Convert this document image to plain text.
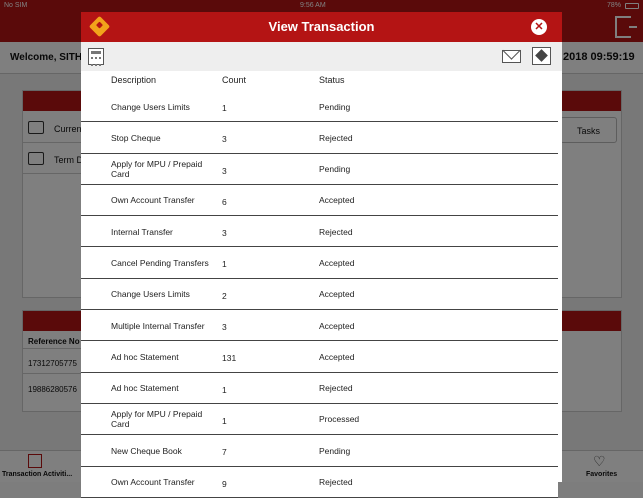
View Transaction	✕
Description	Count	Status
Change Users Limits	1	Pending
Stop Cheque	3	Rejected
Apply for MPU / Prepaid Card	3	Pending
Own Account Transfer	6	Accepted
Internal Transfer	3	Rejected
Cancel Pending Transfers	1	Accepted
Change Users Limits	2	Accepted
Multiple Internal Transfer	3	Accepted
Ad hoc Statement	131	Accepted
Ad hoc Statement	1	Rejected
Apply for MPU / Prepaid Card	1	Processed
New Cheque Book	7	Pending
Own Account Transfer	9	Rejected
